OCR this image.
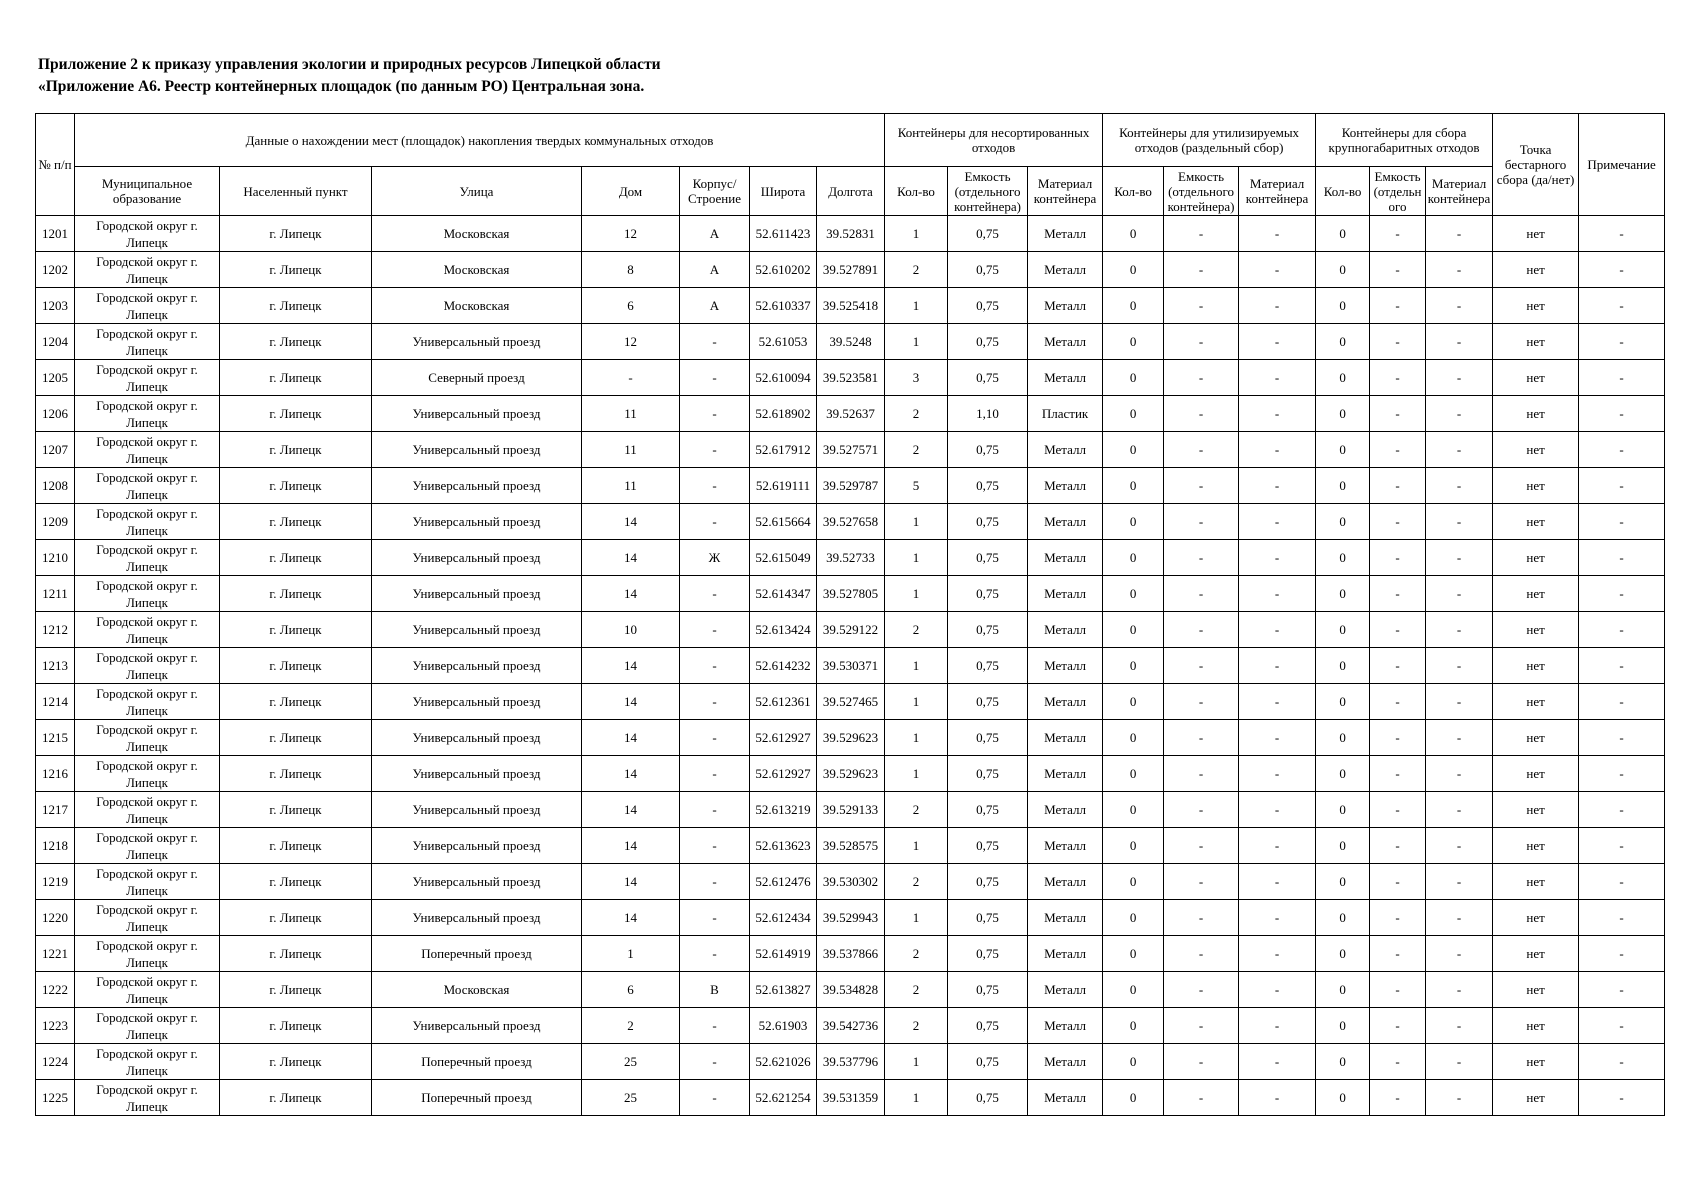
Приложение 2 к приказу управления экологии и природных ресурсов Липецкой области
«Приложение А6. Реестр контейнерных площадок (по данным РО) Центральная зона.
№ п/п	Данные о нахождении мест (площадок) накопления твердых коммунальных отходов							Контейнеры для несортированных отходов			Контейнеры для утилизируемых отходов (раздельный сбор)			Контейнеры для сбора крупногабаритных отходов			Точка бестарного сбора (да/нет)	Примечание
	Муниципальное образование	Населенный пункт	Улица	Дом	Корпус/ Строение	Широта	Долгота	Кол-во	Емкость (отдельного контейнера)	Материал контейнера	Кол-во	Емкость (отдельного контейнера)	Материал контейнера	Кол-во	Емкость (отдельн ого	Материал контейнера		
1201	Городской округ г. Липецк	г. Липецк	Московская	12	А	52.611423	39.52831	1	0,75	Металл	0	-	-	0	-	-	нет	-
1202	Городской округ г. Липецк	г. Липецк	Московская	8	А	52.610202	39.527891	2	0,75	Металл	0	-	-	0	-	-	нет	-
1203	Городской округ г. Липецк	г. Липецк	Московская	6	А	52.610337	39.525418	1	0,75	Металл	0	-	-	0	-	-	нет	-
1204	Городской округ г. Липецк	г. Липецк	Универсальный проезд	12	-	52.61053	39.5248	1	0,75	Металл	0	-	-	0	-	-	нет	-
1205	Городской округ г. Липецк	г. Липецк	Северный проезд	-	-	52.610094	39.523581	3	0,75	Металл	0	-	-	0	-	-	нет	-
1206	Городской округ г. Липецк	г. Липецк	Универсальный проезд	11	-	52.618902	39.52637	2	1,10	Пластик	0	-	-	0	-	-	нет	-
1207	Городской округ г. Липецк	г. Липецк	Универсальный проезд	11	-	52.617912	39.527571	2	0,75	Металл	0	-	-	0	-	-	нет	-
1208	Городской округ г. Липецк	г. Липецк	Универсальный проезд	11	-	52.619111	39.529787	5	0,75	Металл	0	-	-	0	-	-	нет	-
1209	Городской округ г. Липецк	г. Липецк	Универсальный проезд	14	-	52.615664	39.527658	1	0,75	Металл	0	-	-	0	-	-	нет	-
1210	Городской округ г. Липецк	г. Липецк	Универсальный проезд	14	Ж	52.615049	39.52733	1	0,75	Металл	0	-	-	0	-	-	нет	-
1211	Городской округ г. Липецк	г. Липецк	Универсальный проезд	14	-	52.614347	39.527805	1	0,75	Металл	0	-	-	0	-	-	нет	-
1212	Городской округ г. Липецк	г. Липецк	Универсальный проезд	10	-	52.613424	39.529122	2	0,75	Металл	0	-	-	0	-	-	нет	-
1213	Городской округ г. Липецк	г. Липецк	Универсальный проезд	14	-	52.614232	39.530371	1	0,75	Металл	0	-	-	0	-	-	нет	-
1214	Городской округ г. Липецк	г. Липецк	Универсальный проезд	14	-	52.612361	39.527465	1	0,75	Металл	0	-	-	0	-	-	нет	-
1215	Городской округ г. Липецк	г. Липецк	Универсальный проезд	14	-	52.612927	39.529623	1	0,75	Металл	0	-	-	0	-	-	нет	-
1216	Городской округ г. Липецк	г. Липецк	Универсальный проезд	14	-	52.612927	39.529623	1	0,75	Металл	0	-	-	0	-	-	нет	-
1217	Городской округ г. Липецк	г. Липецк	Универсальный проезд	14	-	52.613219	39.529133	2	0,75	Металл	0	-	-	0	-	-	нет	-
1218	Городской округ г. Липецк	г. Липецк	Универсальный проезд	14	-	52.613623	39.528575	1	0,75	Металл	0	-	-	0	-	-	нет	-
1219	Городской округ г. Липецк	г. Липецк	Универсальный проезд	14	-	52.612476	39.530302	2	0,75	Металл	0	-	-	0	-	-	нет	-
1220	Городской округ г. Липецк	г. Липецк	Универсальный проезд	14	-	52.612434	39.529943	1	0,75	Металл	0	-	-	0	-	-	нет	-
1221	Городской округ г. Липецк	г. Липецк	Поперечный проезд	1	-	52.614919	39.537866	2	0,75	Металл	0	-	-	0	-	-	нет	-
1222	Городской округ г. Липецк	г. Липецк	Московская	6	В	52.613827	39.534828	2	0,75	Металл	0	-	-	0	-	-	нет	-
1223	Городской округ г. Липецк	г. Липецк	Универсальный проезд	2	-	52.61903	39.542736	2	0,75	Металл	0	-	-	0	-	-	нет	-
1224	Городской округ г. Липецк	г. Липецк	Поперечный проезд	25	-	52.621026	39.537796	1	0,75	Металл	0	-	-	0	-	-	нет	-
1225	Городской округ г. Липецк	г. Липецк	Поперечный проезд	25	-	52.621254	39.531359	1	0,75	Металл	0	-	-	0	-	-	нет	-
